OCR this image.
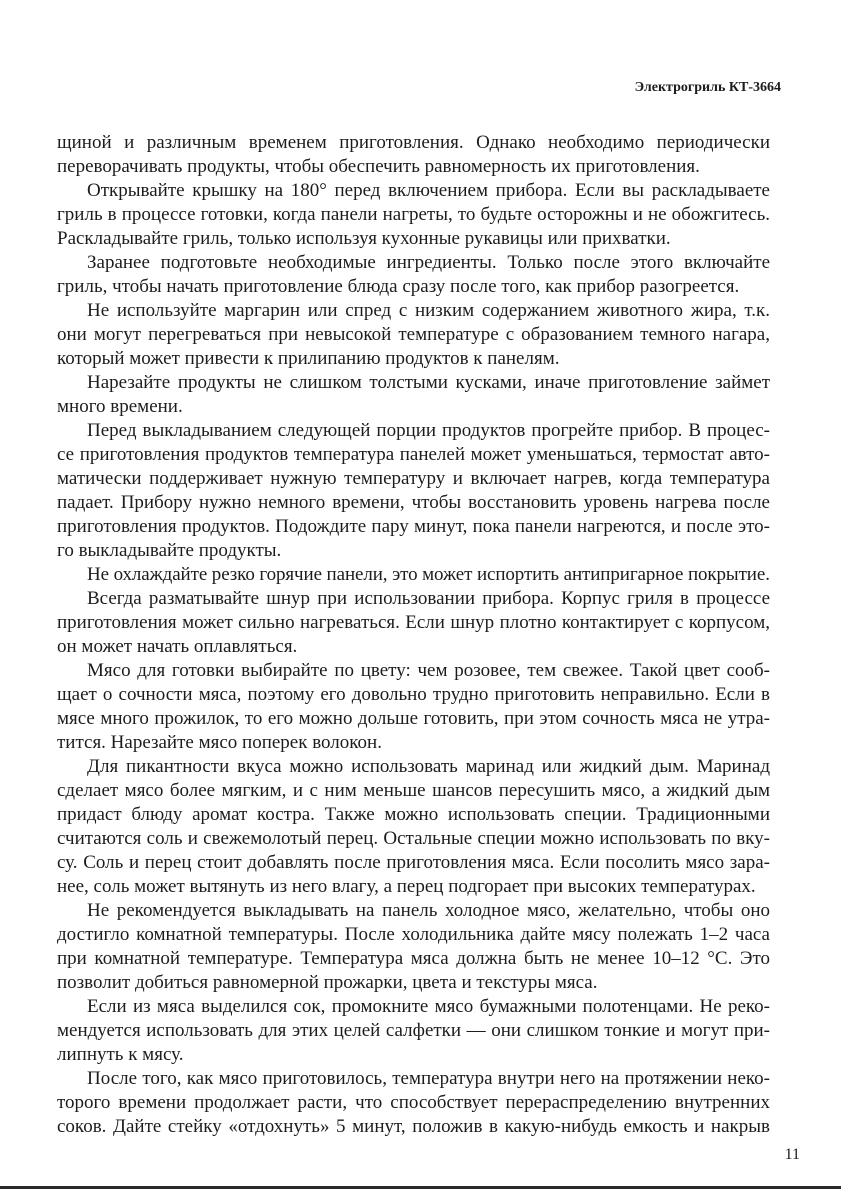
Электрогриль КТ-3664
щиной и различным временем приготовления. Однако необходимо периодически
переворачивать продукты, чтобы обеспечить равномерность их приготовления.
Открывайте крышку на 180° перед включением прибора. Если вы раскладываете
гриль в процессе готовки, когда панели нагреты, то будьте осторожны и не обожгитесь.
Раскладывайте гриль, только используя кухонные рукавицы или прихватки.
Заранее подготовьте необходимые ингредиенты. Только после этого включайте
гриль, чтобы начать приготовление блюда сразу после того, как прибор разогреется.
Не используйте маргарин или спред с низким содержанием животного жира, т.к.
они могут перегреваться при невысокой температуре с образованием темного нагара,
который может привести к прилипанию продуктов к панелям.
Нарезайте продукты не слишком толстыми кусками, иначе приготовление займет
много времени.
Перед выкладыванием следующей порции продуктов прогрейте прибор. В процес-
се приготовления продуктов температура панелей может уменьшаться, термостат авто-
матически поддерживает нужную температуру и включает нагрев, когда температура
падает. Прибору нужно немного времени, чтобы восстановить уровень нагрева после
приготовления продуктов. Подождите пару минут, пока панели нагреются, и после это-
го выкладывайте продукты.
Не охлаждайте резко горячие панели, это может испортить антипригарное покрытие.
Всегда разматывайте шнур при использовании прибора. Корпус гриля в процессе
приготовления может сильно нагреваться. Если шнур плотно контактирует с корпусом,
он может начать оплавляться.
Мясо для готовки выбирайте по цвету: чем розовее, тем свежее. Такой цвет сооб-
щает о сочности мяса, поэтому его довольно трудно приготовить неправильно. Если в
мясе много прожилок, то его можно дольше готовить, при этом сочность мяса не утра-
тится. Нарезайте мясо поперек волокон.
Для пикантности вкуса можно использовать маринад или жидкий дым. Маринад
сделает мясо более мягким, и с ним меньше шансов пересушить мясо, а жидкий дым
придаст блюду аромат костра. Также можно использовать специи. Традиционными
считаются соль и свежемолотый перец. Остальные специи можно использовать по вку-
су. Соль и перец стоит добавлять после приготовления мяса. Если посолить мясо зара-
нее, соль может вытянуть из него влагу, а перец подгорает при высоких температурах.
Не рекомендуется выкладывать на панель холодное мясо, желательно, чтобы оно
достигло комнатной температуры. После холодильника дайте мясу полежать 1–2 часа
при комнатной температуре. Температура мяса должна быть не менее 10–12 °С. Это
позволит добиться равномерной прожарки, цвета и текстуры мяса.
Если из мяса выделился сок, промокните мясо бумажными полотенцами. Не реко-
мендуется использовать для этих целей салфетки — они слишком тонкие и могут при-
липнуть к мясу.
После того, как мясо приготовилось, температура внутри него на протяжении неко-
торого времени продолжает расти, что способствует перераспределению внутренних
соков. Дайте стейку «отдохнуть» 5 минут, положив в какую-нибудь емкость и накрыв
11
